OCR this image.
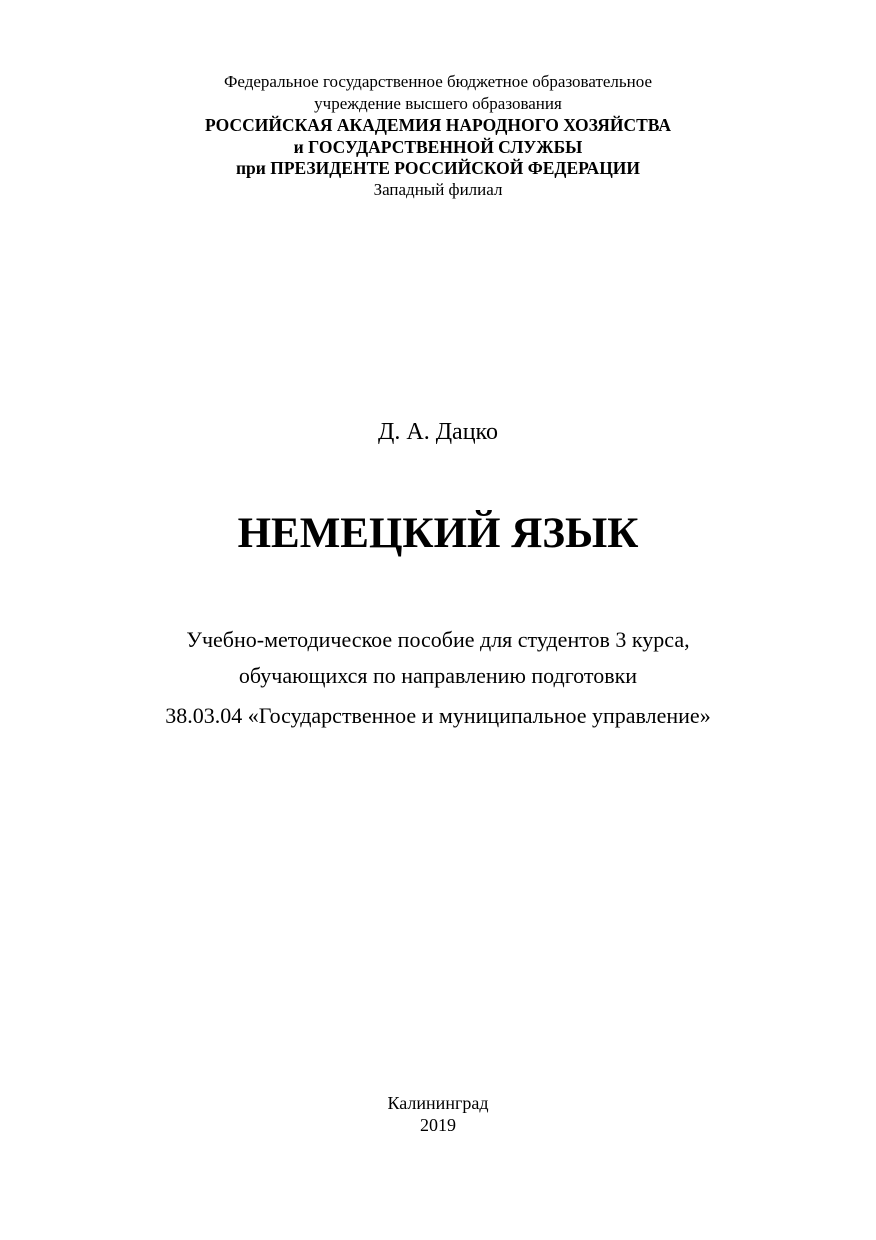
Федеральное государственное бюджетное образовательное
учреждение высшего образования
РОССИЙСКАЯ АКАДЕМИЯ НАРОДНОГО ХОЗЯЙСТВА
и ГОСУДАРСТВЕННОЙ СЛУЖБЫ
при ПРЕЗИДЕНТЕ РОССИЙСКОЙ ФЕДЕРАЦИИ
Западный филиал
Д. А. Дацко
НЕМЕЦКИЙ ЯЗЫК
Учебно-методическое пособие для студентов 3 курса,
обучающихся по направлению подготовки
38.03.04 «Государственное и муниципальное управление»
Калининград
2019
